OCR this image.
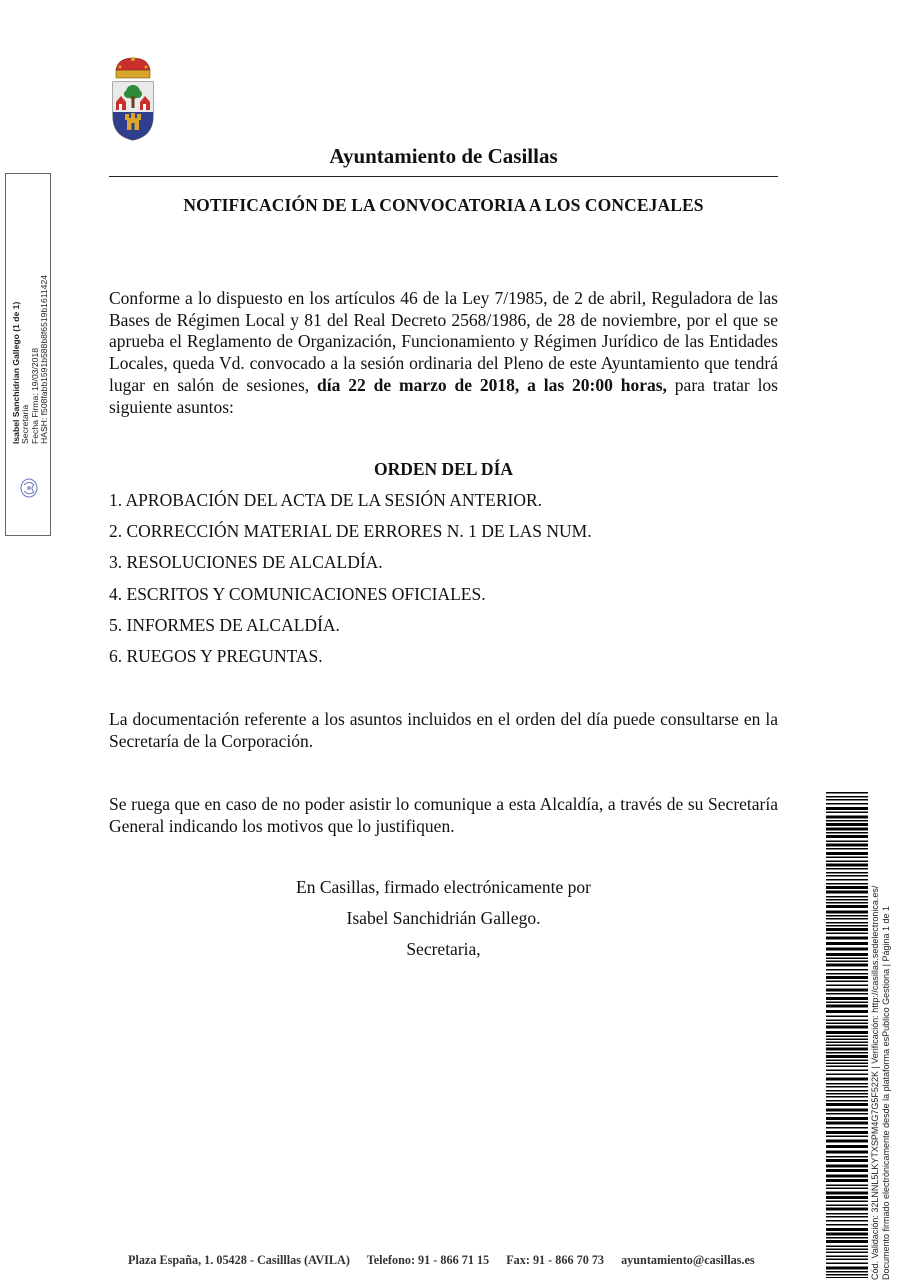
Ayuntamiento de Casillas
NOTIFICACIÓN DE LA CONVOCATORIA A LOS CONCEJALES

Conforme a lo dispuesto en los artículos 46 de la Ley 7/1985, de 2 de abril, Reguladora de las Bases de Régimen Local y 81 del Real Decreto 2568/1986, de 28 de noviembre, por el que se aprueba el Reglamento de Organización, Funcionamiento y Régimen Jurídico de las Entidades Locales, queda Vd. convocado a la sesión ordinaria del Pleno de este Ayuntamiento que tendrá lugar en salón de sesiones, día 22 de marzo de 2018, a las 20:00 horas, para tratar los siguiente asuntos:

ORDEN DEL DÍA
1. APROBACIÓN DEL ACTA DE LA SESIÓN ANTERIOR.
2. CORRECCIÓN MATERIAL DE ERRORES N. 1 DE LAS NUM.
3. RESOLUCIONES DE ALCALDÍA.
4. ESCRITOS Y COMUNICACIONES OFICIALES.
5. INFORMES DE ALCALDÍA.
6. RUEGOS Y PREGUNTAS.

La documentación referente a los asuntos incluidos en el orden del día puede consultarse en la Secretaría de la Corporación.

Se ruega que en caso de no poder asistir lo comunique a esta Alcaldía, a través de su Secretaría General indicando los motivos que lo justifiquen.

En Casillas, firmado electrónicamente por
Isabel Sanchidrián Gallego.
Secretaria,
Plaza España, 1. 05428 - Casilllas (AVILA) Telefono: 91 - 866 71 15 Fax: 91 - 866 70 73 ayuntamiento@casillas.es
Isabel Sanchidrian Gallego (1 de 1) Secretaria Fecha Firma: 19/03/2018 HASH: f508fabb1591b588b8f6519b1611424
Cód. Validación: 32LNNL5LKYTXSPM4G7G5F522K | Verificación: http://casillas.sedelectronica.es/ Documento firmado electrónicamente desde la plataforma esPublico Gestiona | Página 1 de 1
